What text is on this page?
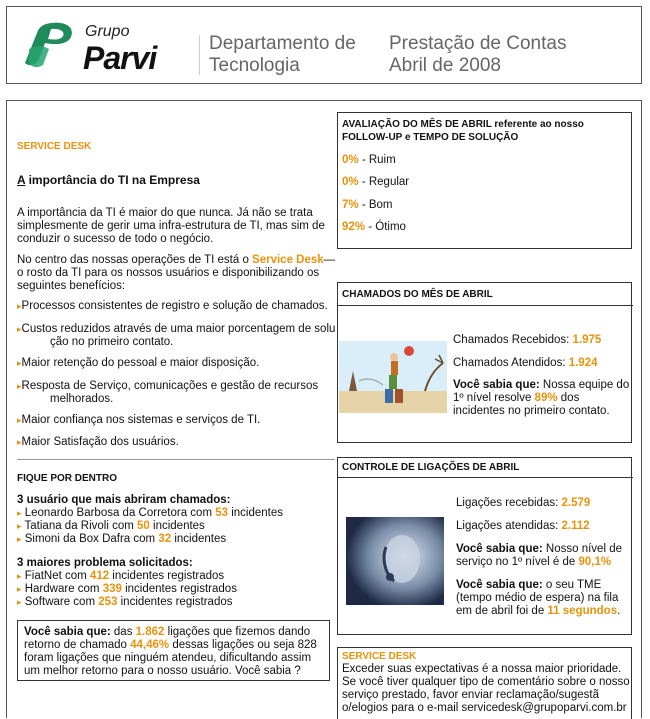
Grupo
Parvi	Departamento de
Tecnologia
Prestação de Contas
Abril de 2008
SERVICE DESK
A importância do TI na Empresa
A importância da TI é maior do que nunca. Já não se trata
simplesmente de gerir uma infra-estrutura de TI, mas sim de
conduzir o sucesso de todo o negócio.
No centro das nossas operações de TI está o Service Desk—
o rosto da TI para os nossos usuários e disponibilizando os
seguintes benefícios:
▸Processos consistentes de registro e solução de chamados.
▸Custos reduzidos através de uma maior porcentagem de solu
ção no primeiro contato.
▸Maior retenção do pessoal e maior disposição.
▸Resposta de Serviço, comunicações e gestão de recursos
melhorados.
▸Maior confiança nos sistemas e serviços de TI.
▸Maior Satisfação dos usuários.
FIQUE POR DENTRO
3 usuário que mais abriram chamados:
▸ Leonardo Barbosa da Corretora com 53 incidentes
▸ Tatiana da Rivoli com 50 incidentes
▸ Simoni da Box Dafra com 32 incidentes
3 maiores problema solicitados:
▸ FiatNet com 412 incidentes registrados
▸ Hardware com 339 incidentes registrados
▸ Software com 253 incidentes registrados
Você sabia que: das 1.862 ligações que fizemos dando
retorno de chamado 44,46% dessas ligações ou seja 828
foram ligações que ninguém atendeu, dificultando assim
um melhor retorno para o nosso usuário. Você sabia ?
AVALIAÇÃO DO MÊS DE ABRIL referente ao nosso
FOLLOW-UP e TEMPO DE SOLUÇÃO
0% - Ruim
0% - Regular
7% - Bom
92% - Ótimo
CHAMADOS DO MÊS DE ABRIL
Chamados Recebidos: 1.975
Chamados Atendidos: 1.924
Você sabia que: Nossa equipe do
1º nível resolve 89% dos
incidentes no primeiro contato.
CONTROLE DE LIGAÇÕES DE ABRIL
Ligações recebidas: 2.579
Ligações atendidas: 2.112
Você sabia que: Nosso nível de
serviço no 1º nível é de 90,1%
Você sabia que: o seu TME
(tempo médio de espera) na fila
em de abril foi de 11 segundos.
SERVICE DESK
Exceder suas expectativas é a nossa maior prioridade.
Se você tiver qualquer tipo de comentário sobre o nosso
serviço prestado, favor enviar reclamação/sugestã
o/elogios para o e-mail servicedesk@grupoparvi.com.br
